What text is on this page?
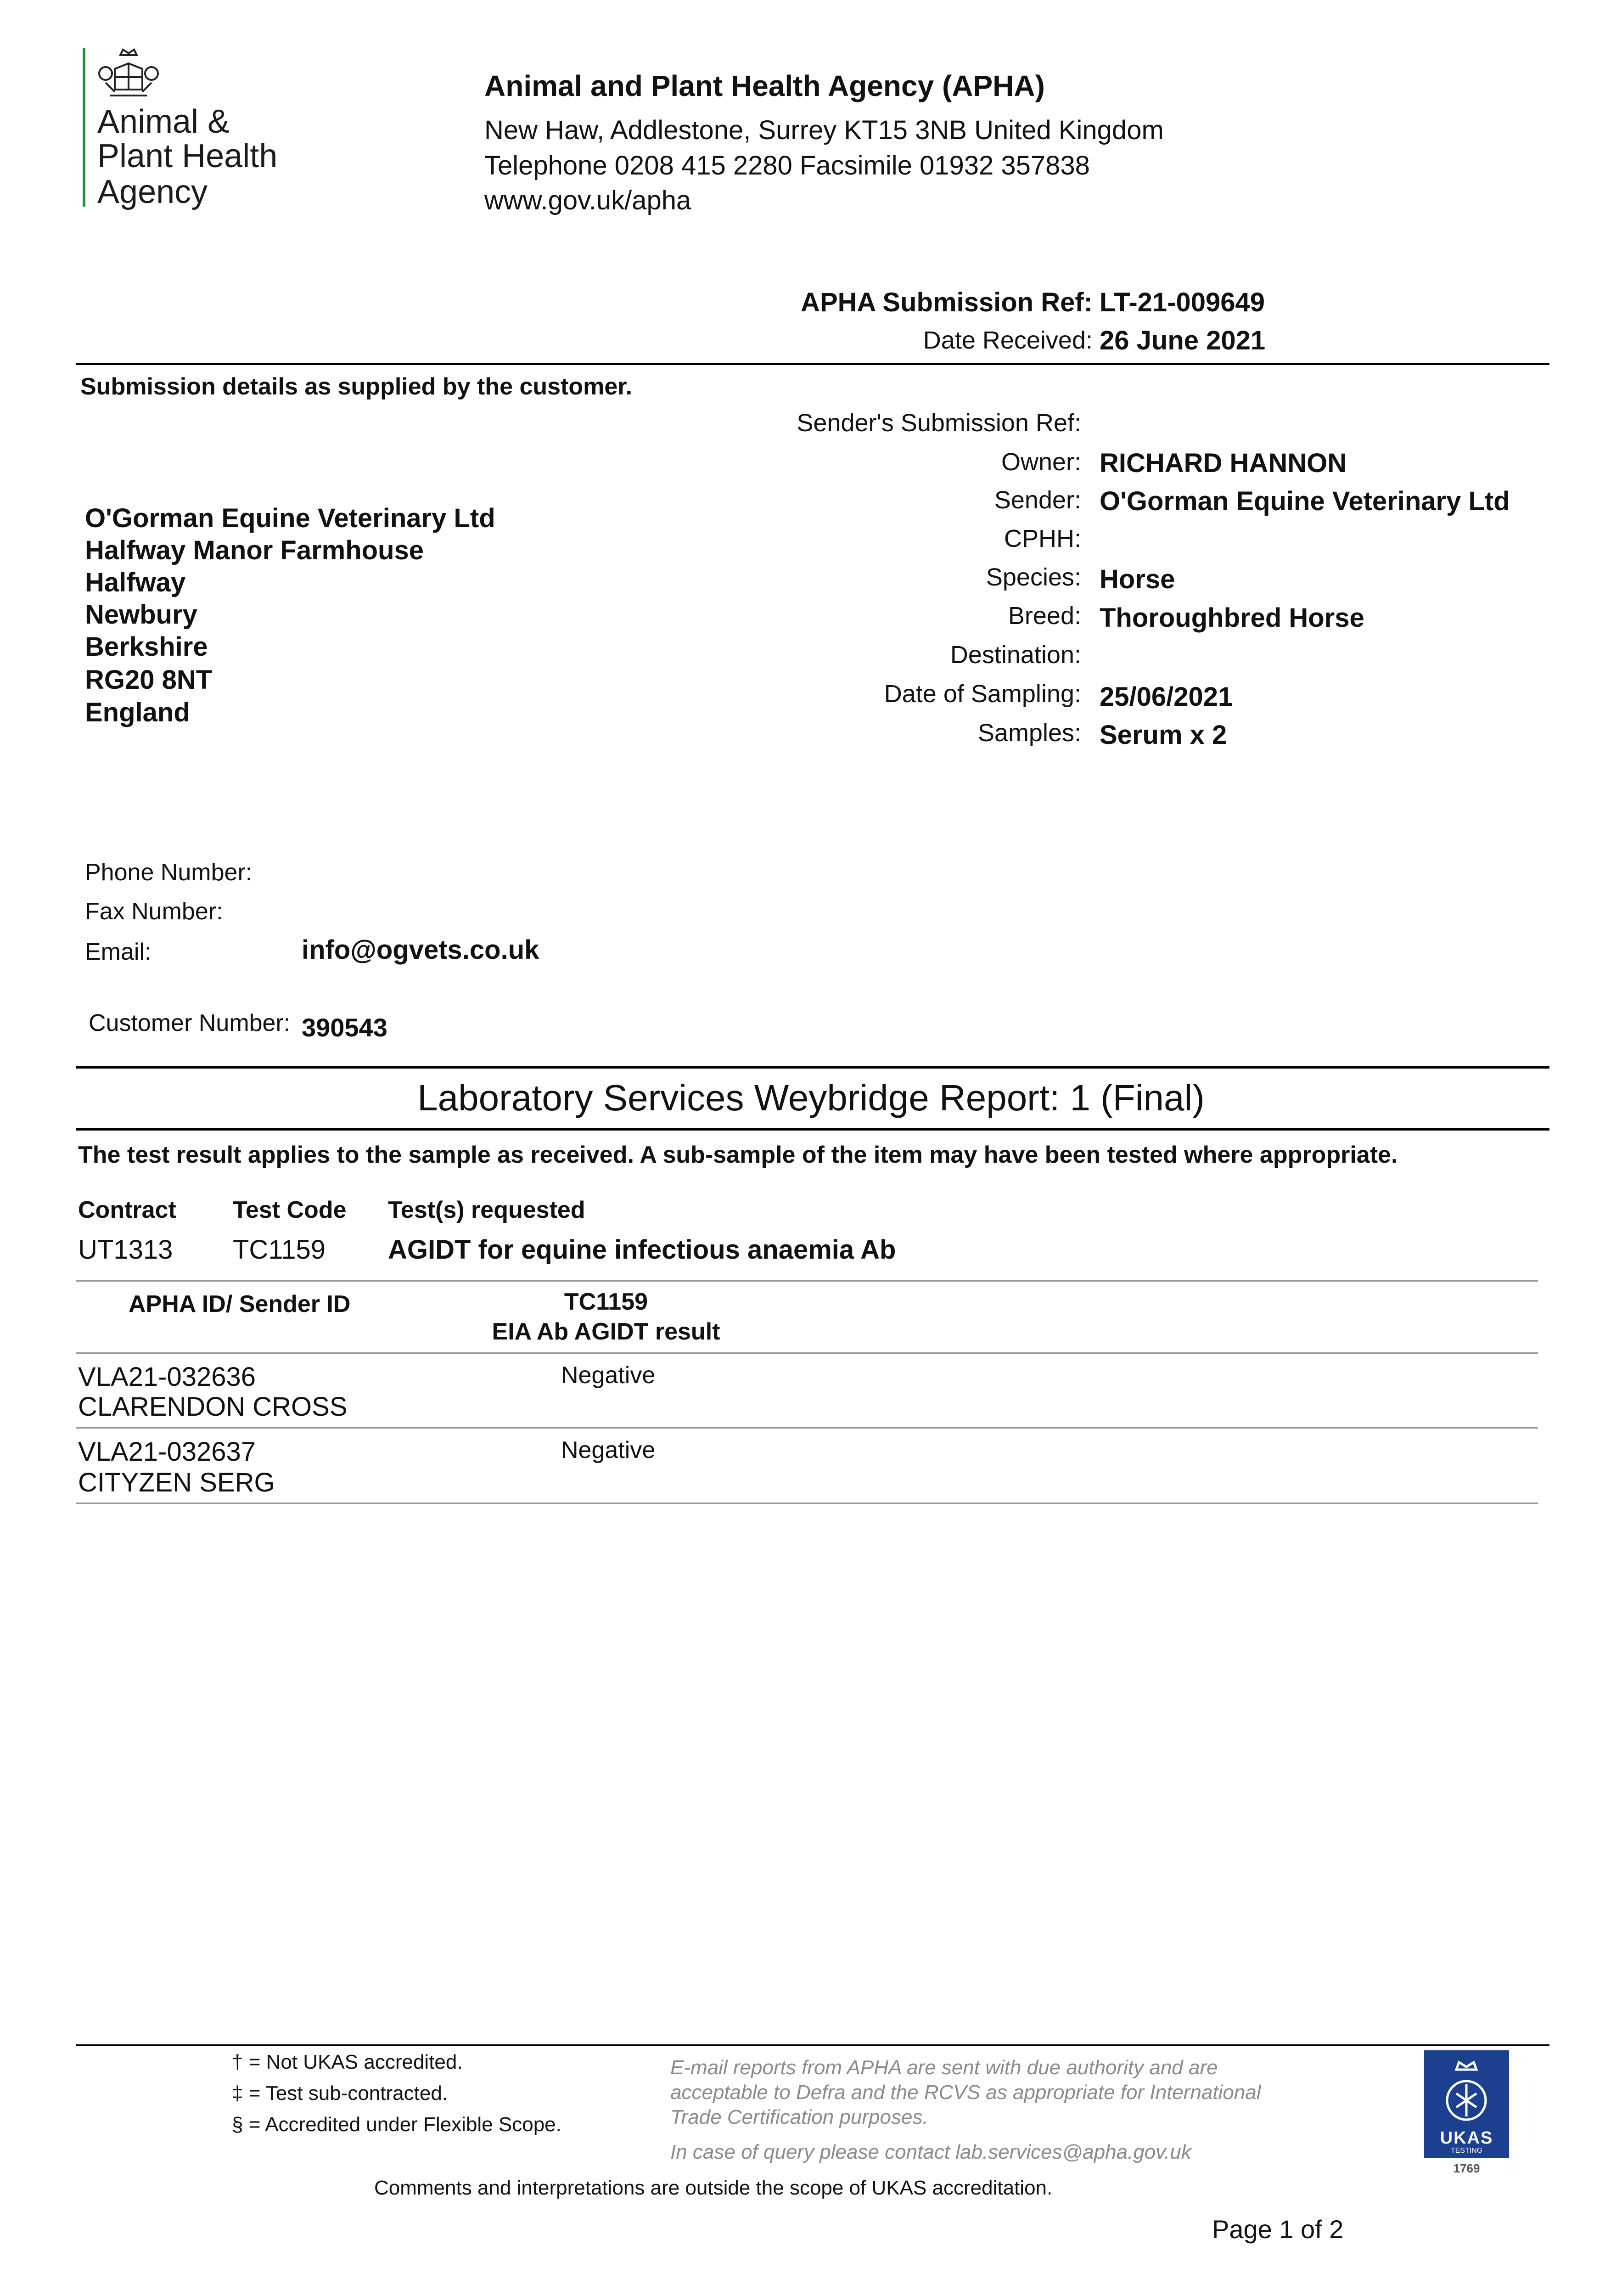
Animal &
Plant Health
Agency
Animal and Plant Health Agency (APHA)
New Haw, Addlestone, Surrey KT15 3NB United Kingdom
Telephone 0208 415 2280 Facsimile 01932 357838
www.gov.uk/apha
APHA Submission Ref: LT-21-009649
Date Received: 26 June 2021
Submission details as supplied by the customer.
Sender's Submission Ref:
Owner: RICHARD HANNON
Sender: O'Gorman Equine Veterinary Ltd
CPHH:
Species: Horse
Breed: Thoroughbred Horse
Destination:
Date of Sampling: 25/06/2021
Samples: Serum x 2
O'Gorman Equine Veterinary Ltd
Halfway Manor Farmhouse
Halfway
Newbury
Berkshire
RG20 8NT
England
Phone Number:
Fax Number:
Email:	info@ogvets.co.uk
Customer Number: 390543
Laboratory Services Weybridge Report: 1 (Final)
The test result applies to the sample as received. A sub-sample of the item may have been tested where appropriate.
Contract Test Code Test(s) requested
UT1313 TC1159 AGIDT for equine infectious anaemia Ab
APHA ID/ Sender ID	TC1159
EIA Ab AGIDT result
VLA21-032636
CLARENDON CROSS
Negative
VLA21-032637
CITYZEN SERG
Negative
† = Not UKAS accredited.
‡ = Test sub-contracted.
§ = Accredited under Flexible Scope.
E-mail reports from APHA are sent with due authority and are
acceptable to Defra and the RCVS as appropriate for International
Trade Certification purposes.
In case of query please contact lab.services@apha.gov.uk
UKAS
TESTING
1769
Comments and interpretations are outside the scope of UKAS accreditation.
Page 1 of 2
